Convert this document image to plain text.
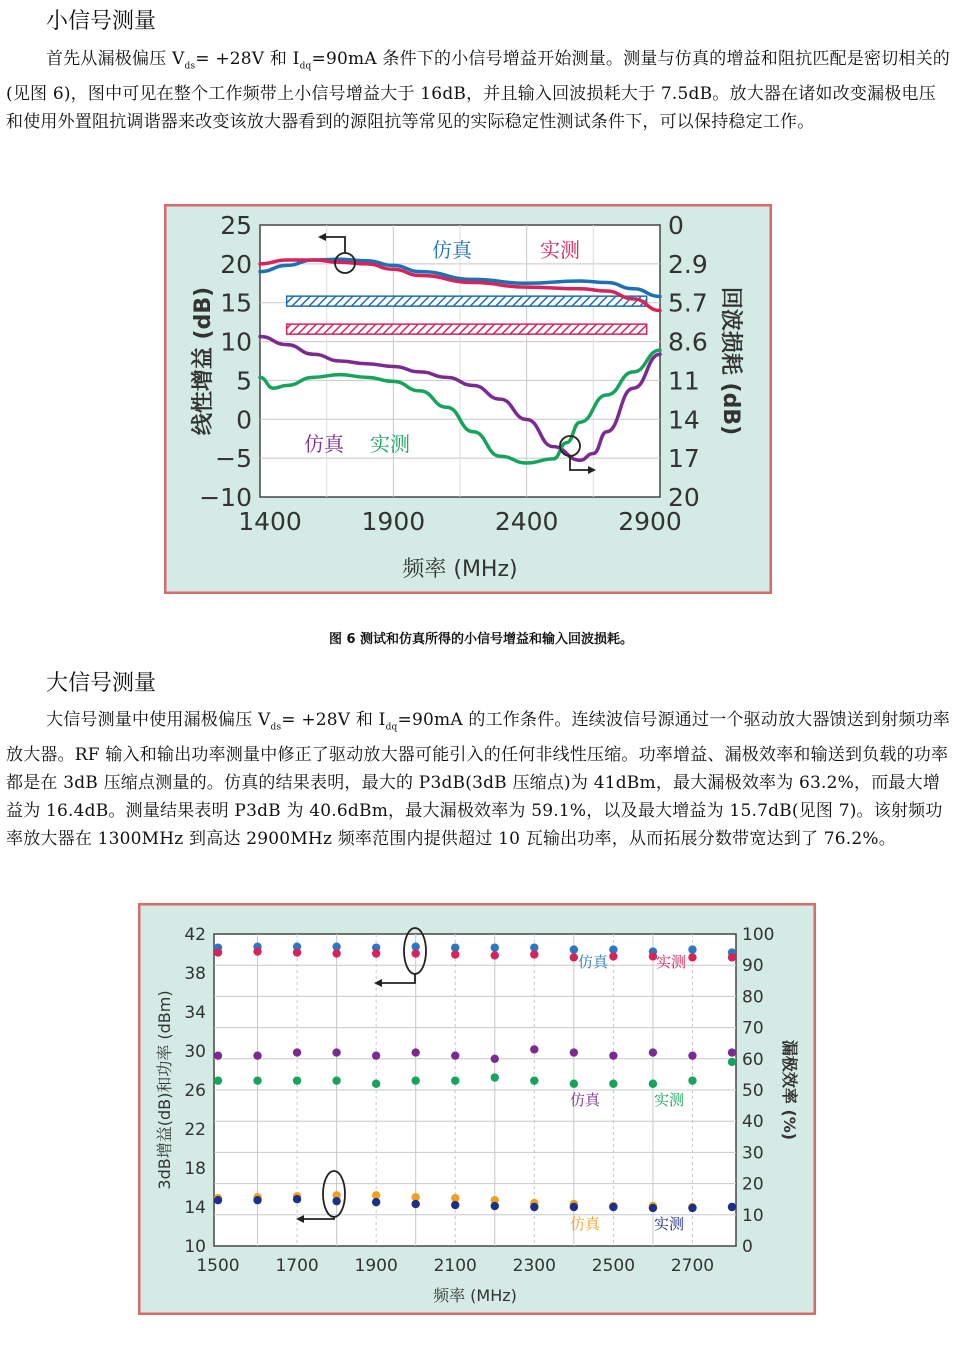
小信号测量

首先从漏极偏压 $V_{ds}= +28V$ 和 $I_{dq}=90mA$ 条件下的小信号增益开始测量。测量与仿真的增益和阻抗匹配是密切相关的(见图 6)，图中可见在整个工作频带上小信号增益大于 16dB，并且输入回波损耗大于 7.5dB。放大器在诸如改变漏极电压和使用外置阻抗调谐器来改变该放大器看到的源阻抗等常见的实际稳定性测试条件下，可以保持稳定工作。

25
20
15
10
5
0
−5
−10
0
2.9
5.7
8.6
11
14
17
20
1400 1900	2400 2900
仿真	实测
仿真 实测
频率 (MHz)
线性增益 (dB)	回波损耗 (dB)
图 6 测试和仿真所得的小信号增益和输入回波损耗。
大信号测量

大信号测量中使用漏极偏压 $V_{ds}= +28V$ 和 $I_{dq}=90mA$ 的工作条件。连续波信号源通过一个驱动放大器馈送到射频功率放大器。RF 输入和输出功率测量中修正了驱动放大器可能引入的任何非线性压缩。功率增益、漏极效率和输送到负载的功率都是在 3dB 压缩点测量的。仿真的结果表明，最大的 P3dB(3dB 压缩点)为 41dBm，最大漏极效率为 63.2%，而最大增益为 16.4dB。测量结果表明 P3dB 为 40.6dBm，最大漏极效率为 59.1%，以及最大增益为 15.7dB(见图 7)。该射频功率放大器在 1300MHz 到高达 2900MHz 频率范围内提供超过 10 瓦输出功率，从而拓展分数带宽达到了 76.2%。

42
38
34
30
26
22
18
14
10
100
90
80
70
60
50
40
30
20
10
0
1500 1700 1900 2100 2300 2500 2700
仿真	实测
仿真	实测
仿真	实测
频率 (MHz)
3dB增益(dB)和功率 (dBm)	漏极效率 (%)
